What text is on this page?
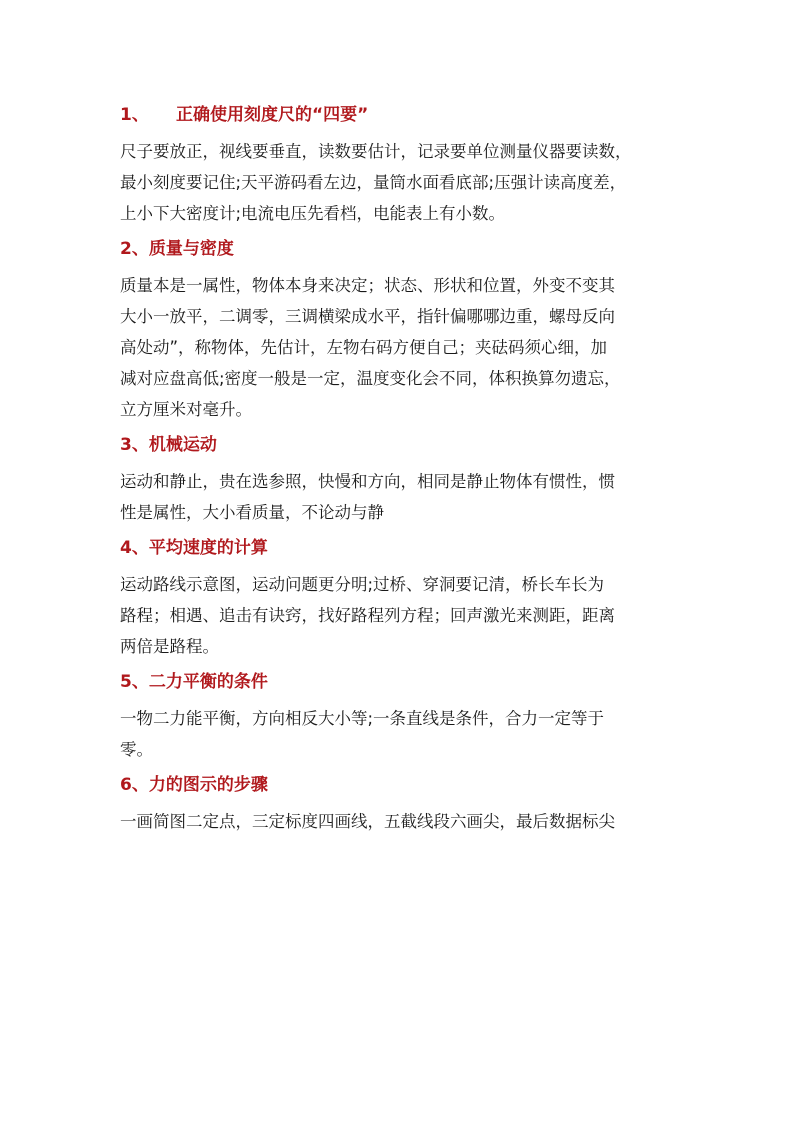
1、 正确使用刻度尺的“四要”
尺子要放正，视线要垂直，读数要估计，记录要单位测量仪器要读数，
最小刻度要记住;天平游码看左边，量筒水面看底部;压强计读高度差，
上小下大密度计;电流电压先看档，电能表上有小数。
2、质量与密度
质量本是一属性，物体本身来决定；状态、形状和位置，外变不变其
大小一放平，二调零，三调横梁成水平，指针偏哪哪边重，螺母反向
高处动”，称物体，先估计，左物右码方便自己；夹砝码须心细，加
减对应盘高低;密度一般是一定，温度变化会不同，体积换算勿遗忘，
立方厘米对毫升。
3、机械运动
运动和静止，贵在选参照，快慢和方向，相同是静止物体有惯性，惯
性是属性，大小看质量，不论动与静
4、平均速度的计算
运动路线示意图，运动问题更分明;过桥、穿洞要记清，桥长车长为
路程；相遇、追击有诀窍，找好路程列方程；回声激光来测距，距离
两倍是路程。
5、二力平衡的条件
一物二力能平衡，方向相反大小等;一条直线是条件，合力一定等于
零。
6、力的图示的步骤
一画简图二定点，三定标度四画线，五截线段六画尖，最后数据标尖
